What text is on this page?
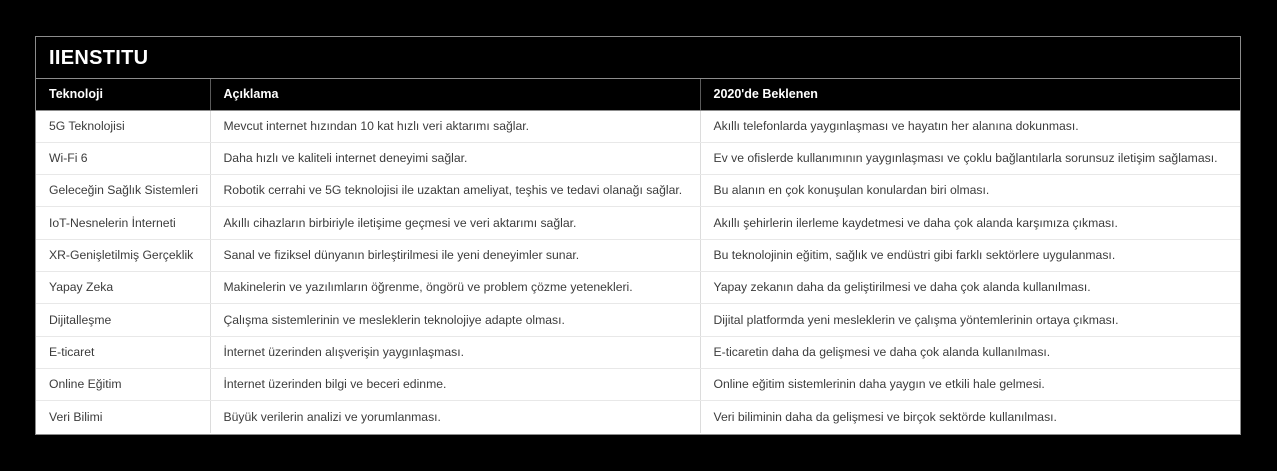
IIENSTITU
Teknoloji	Açıklama	2020'de Beklenen
5G Teknolojisi	Mevcut internet hızından 10 kat hızlı veri aktarımı sağlar.	Akıllı telefonlarda yaygınlaşması ve hayatın her alanına dokunması.
Wi-Fi 6	Daha hızlı ve kaliteli internet deneyimi sağlar.	Ev ve ofislerde kullanımının yaygınlaşması ve çoklu bağlantılarla sorunsuz iletişim sağlaması.
Geleceğin Sağlık Sistemleri	Robotik cerrahi ve 5G teknolojisi ile uzaktan ameliyat, teşhis ve tedavi olanağı sağlar.	Bu alanın en çok konuşulan konulardan biri olması.
IoT-Nesnelerin İnterneti	Akıllı cihazların birbiriyle iletişime geçmesi ve veri aktarımı sağlar.	Akıllı şehirlerin ilerleme kaydetmesi ve daha çok alanda karşımıza çıkması.
XR-Genişletilmiş Gerçeklik	Sanal ve fiziksel dünyanın birleştirilmesi ile yeni deneyimler sunar.	Bu teknolojinin eğitim, sağlık ve endüstri gibi farklı sektörlere uygulanması.
Yapay Zeka	Makinelerin ve yazılımların öğrenme, öngörü ve problem çözme yetenekleri.	Yapay zekanın daha da geliştirilmesi ve daha çok alanda kullanılması.
Dijitalleşme	Çalışma sistemlerinin ve mesleklerin teknolojiye adapte olması.	Dijital platformda yeni mesleklerin ve çalışma yöntemlerinin ortaya çıkması.
E-ticaret	İnternet üzerinden alışverişin yaygınlaşması.	E-ticaretin daha da gelişmesi ve daha çok alanda kullanılması.
Online Eğitim	İnternet üzerinden bilgi ve beceri edinme.	Online eğitim sistemlerinin daha yaygın ve etkili hale gelmesi.
Veri Bilimi	Büyük verilerin analizi ve yorumlanması.	Veri biliminin daha da gelişmesi ve birçok sektörde kullanılması.
